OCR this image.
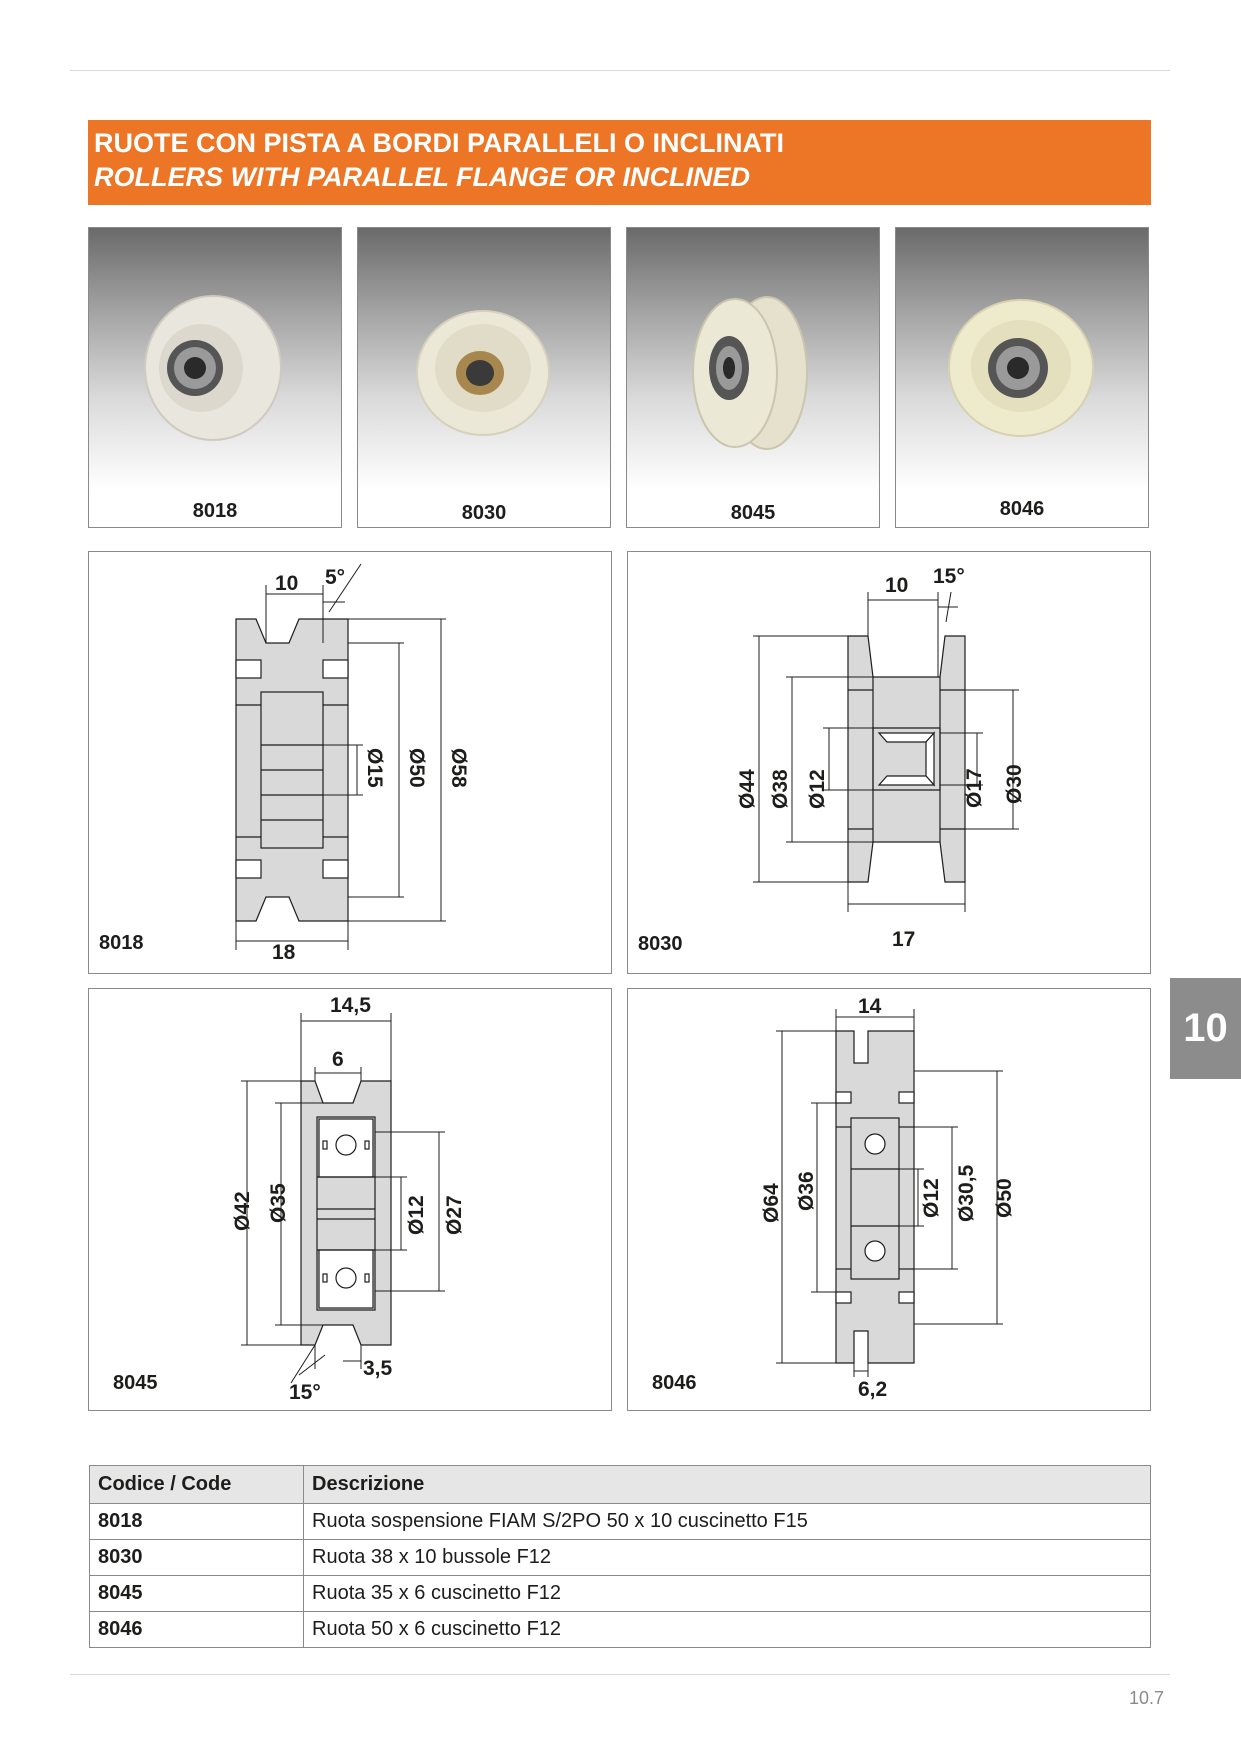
RUOTE CON PISTA A BORDI PARALLELI O INCLINATI
ROLLERS WITH PARALLEL FLANGE OR INCLINED
8018	8030	8045	8046
10 5°
Ø15 Ø50 Ø58
18
8018
10 15°
Ø44 Ø38 Ø12	Ø17 Ø30
17
8030
14,5
6
Ø42 Ø35	Ø12 Ø27
3,5
15°
8045
14
Ø64 Ø36	Ø12 Ø30,5 Ø50
6,2
8046
10
Codice / Code	Descrizione
8018	Ruota sospensione FIAM S/2PO 50 x 10 cuscinetto F15
8030	Ruota 38 x 10 bussole F12
8045	Ruota 35 x 6 cuscinetto F12
8046	Ruota 50 x 6 cuscinetto F12
10.7
